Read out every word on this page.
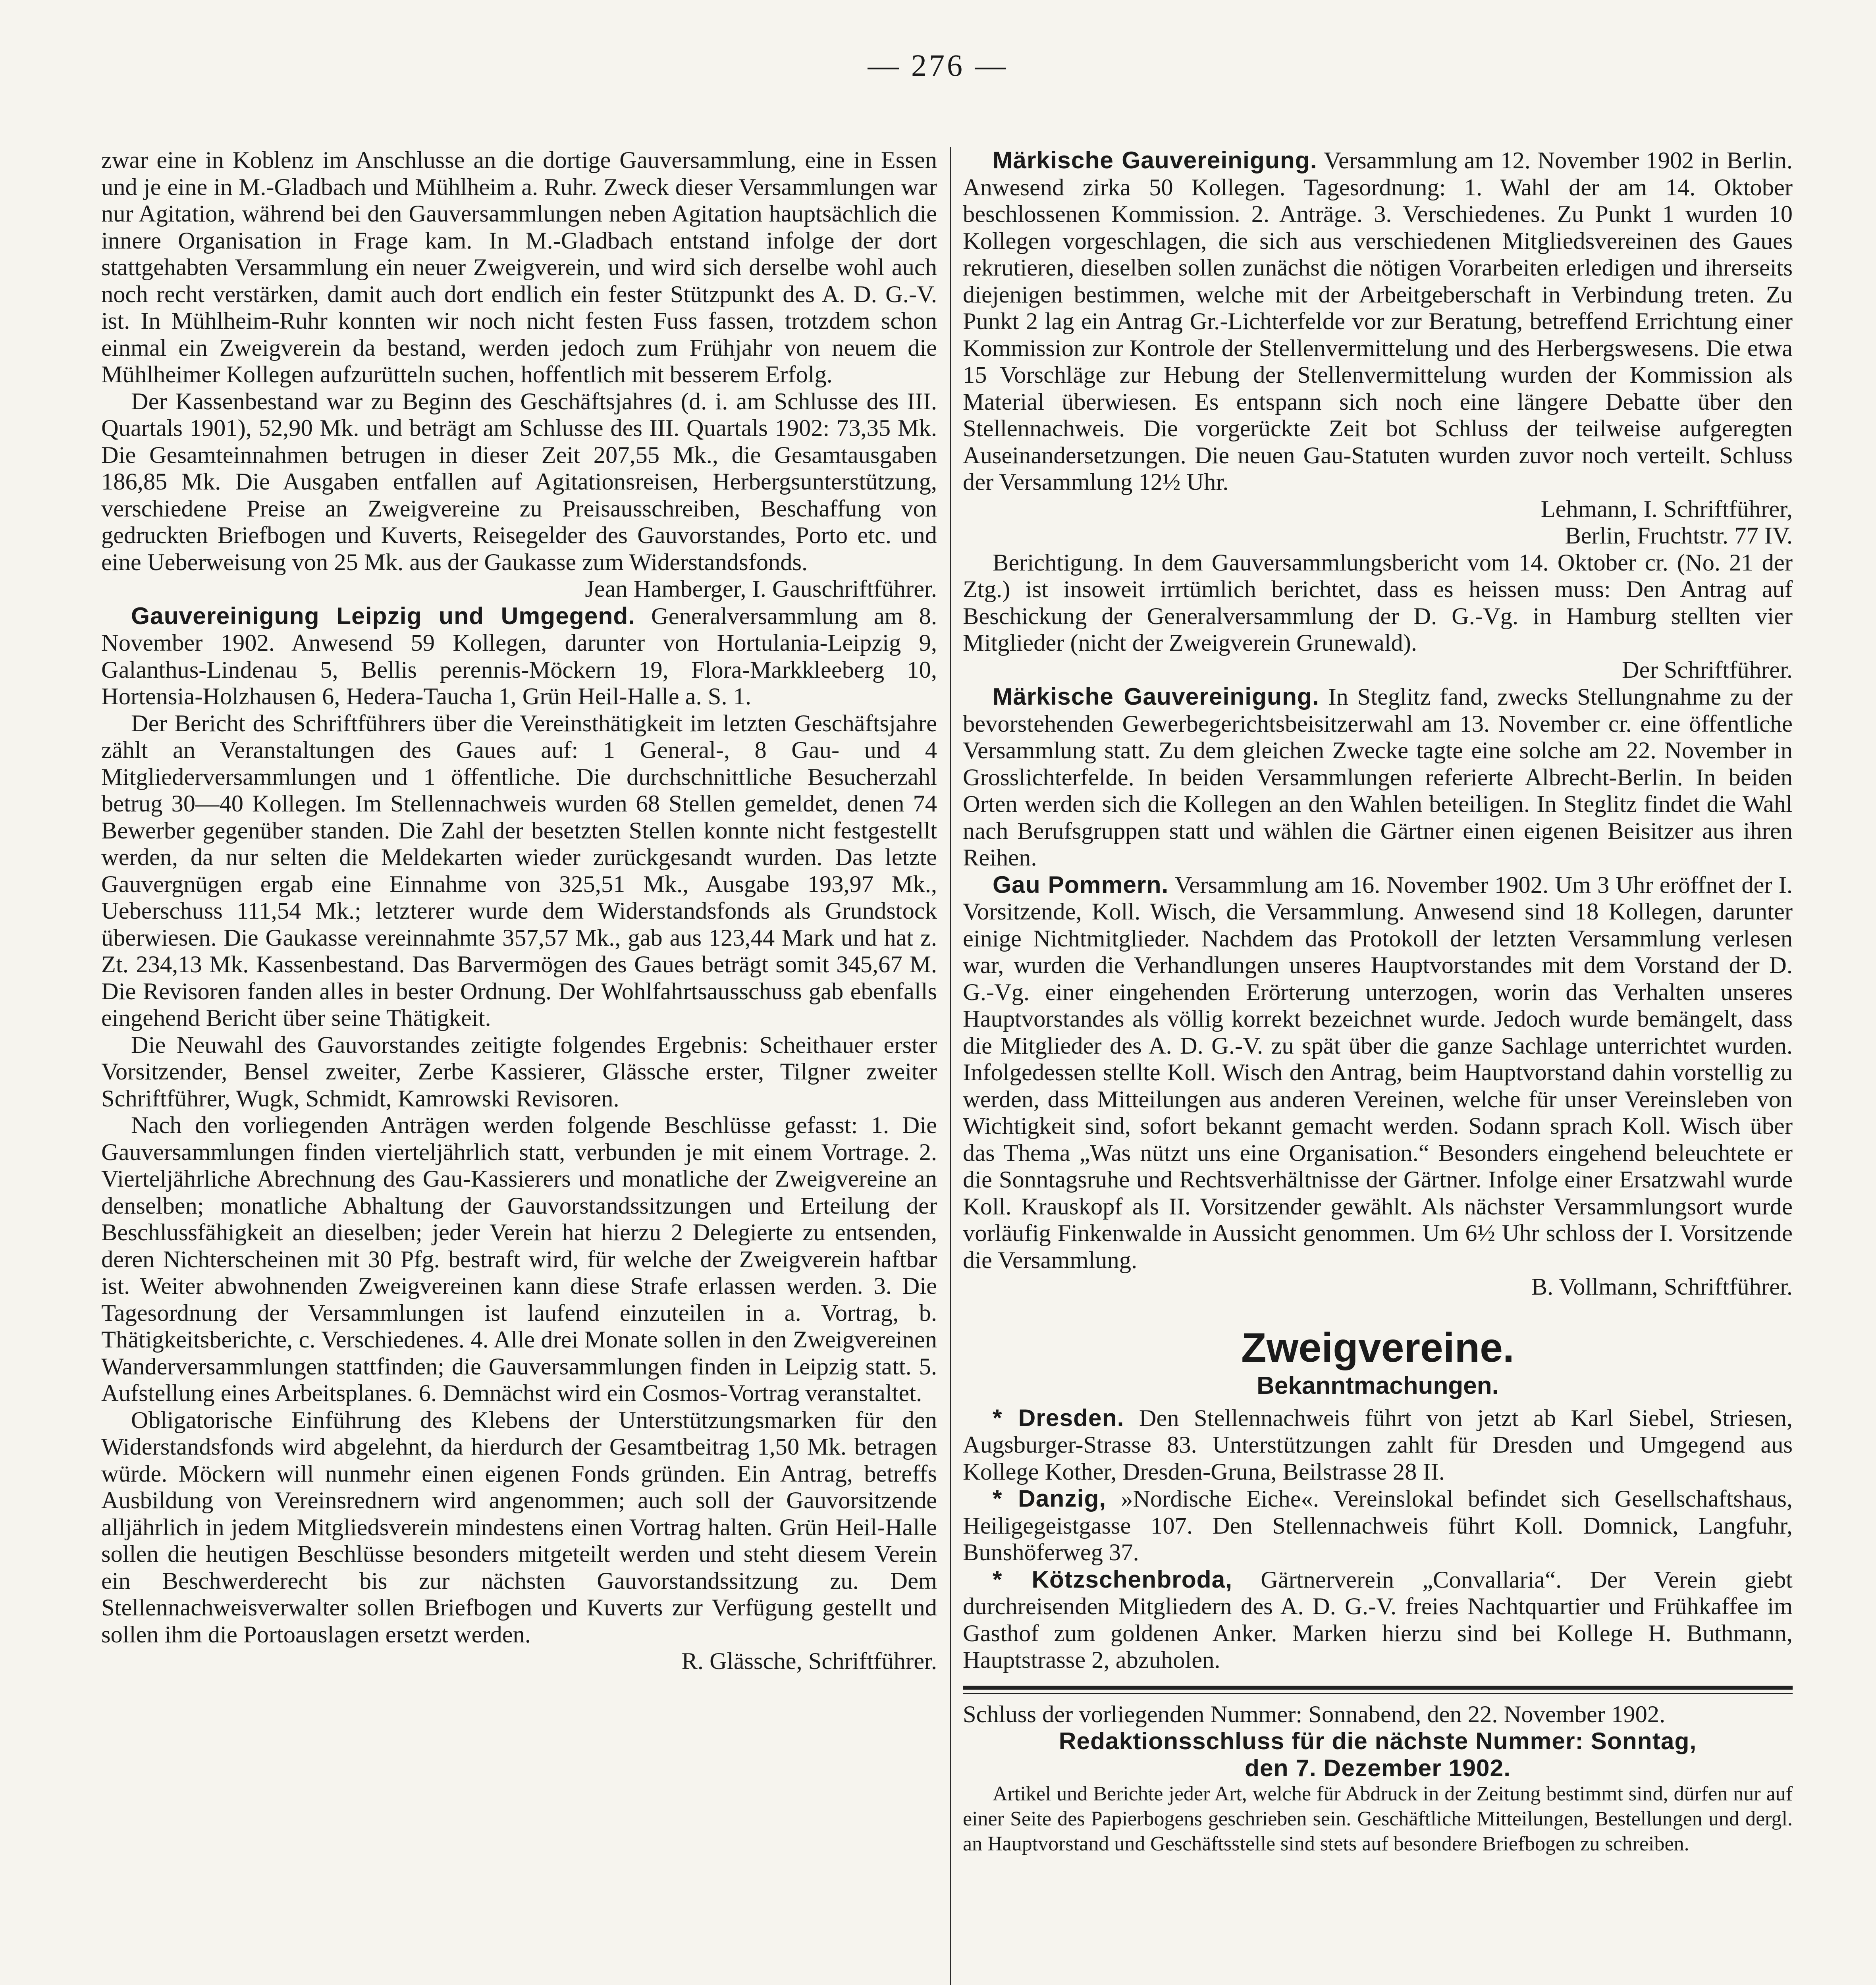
— 276 —

zwar eine in Koblenz im Anschlusse an die dortige Gauversammlung, eine in Essen und je eine in M.-Gladbach und Mühlheim a. Ruhr. Zweck dieser Versammlungen war nur Agitation, während bei den Gauversammlungen neben Agitation hauptsächlich die innere Organisation in Frage kam. In M.-Gladbach entstand infolge der dort stattgehabten Versammlung ein neuer Zweigverein, und wird sich derselbe wohl auch noch recht verstärken, damit auch dort endlich ein fester Stützpunkt des A. D. G.-V. ist. In Mühlheim-Ruhr konnten wir noch nicht festen Fuss fassen, trotzdem schon einmal ein Zweigverein da bestand, werden jedoch zum Frühjahr von neuem die Mühlheimer Kollegen aufzurütteln suchen, hoffentlich mit besserem Erfolg.

Der Kassenbestand war zu Beginn des Geschäftsjahres (d. i. am Schlusse des III. Quartals 1901), 52,90 Mk. und beträgt am Schlusse des III. Quartals 1902: 73,35 Mk. Die Gesamteinnahmen betrugen in dieser Zeit 207,55 Mk., die Gesamtausgaben 186,85 Mk. Die Ausgaben entfallen auf Agitationsreisen, Herbergsunterstützung, verschiedene Preise an Zweigvereine zu Preisausschreiben, Beschaffung von gedruckten Briefbogen und Kuverts, Reisegelder des Gauvorstandes, Porto etc. und eine Ueberweisung von 25 Mk. aus der Gaukasse zum Widerstandsfonds.

Jean Hamberger, I. Gauschriftführer.

Gauvereinigung Leipzig und Umgegend. Generalversammlung am 8. November 1902. Anwesend 59 Kollegen, darunter von Hortulania-Leipzig 9, Galanthus-Lindenau 5, Bellis perennis-Möckern 19, Flora-Markkleeberg 10, Hortensia-Holzhausen 6, Hedera-Taucha 1, Grün Heil-Halle a. S. 1.

Der Bericht des Schriftführers über die Vereinsthätigkeit im letzten Geschäftsjahre zählt an Veranstaltungen des Gaues auf: 1 General-, 8 Gau- und 4 Mitgliederversammlungen und 1 öffentliche. Die durchschnittliche Besucherzahl betrug 30—40 Kollegen. Im Stellennachweis wurden 68 Stellen gemeldet, denen 74 Bewerber gegenüber standen. Die Zahl der besetzten Stellen konnte nicht festgestellt werden, da nur selten die Meldekarten wieder zurückgesandt wurden. Das letzte Gauvergnügen ergab eine Einnahme von 325,51 Mk., Ausgabe 193,97 Mk., Ueberschuss 111,54 Mk.; letzterer wurde dem Widerstandsfonds als Grundstock überwiesen. Die Gaukasse vereinnahmte 357,57 Mk., gab aus 123,44 Mark und hat z. Zt. 234,13 Mk. Kassenbestand. Das Barvermögen des Gaues beträgt somit 345,67 M. Die Revisoren fanden alles in bester Ordnung. Der Wohlfahrtsausschuss gab ebenfalls eingehend Bericht über seine Thätigkeit.

Die Neuwahl des Gauvorstandes zeitigte folgendes Ergebnis: Scheithauer erster Vorsitzender, Bensel zweiter, Zerbe Kassierer, Glässche erster, Tilgner zweiter Schriftführer, Wugk, Schmidt, Kamrowski Revisoren.

Nach den vorliegenden Anträgen werden folgende Beschlüsse gefasst: 1. Die Gauversammlungen finden vierteljährlich statt, verbunden je mit einem Vortrage. 2. Vierteljährliche Abrechnung des Gau-Kassierers und monatliche der Zweigvereine an denselben; monatliche Abhaltung der Gauvorstandssitzungen und Erteilung der Beschlussfähigkeit an dieselben; jeder Verein hat hierzu 2 Delegierte zu entsenden, deren Nichterscheinen mit 30 Pfg. bestraft wird, für welche der Zweigverein haftbar ist. Weiter abwohnenden Zweigvereinen kann diese Strafe erlassen werden. 3. Die Tagesordnung der Versammlungen ist laufend einzuteilen in a. Vortrag, b. Thätigkeitsberichte, c. Verschiedenes. 4. Alle drei Monate sollen in den Zweigvereinen Wanderversammlungen stattfinden; die Gauversammlungen finden in Leipzig statt. 5. Aufstellung eines Arbeitsplanes. 6. Demnächst wird ein Cosmos-Vortrag veranstaltet.

Obligatorische Einführung des Klebens der Unterstützungsmarken für den Widerstandsfonds wird abgelehnt, da hierdurch der Gesamtbeitrag 1,50 Mk. betragen würde. Möckern will nunmehr einen eigenen Fonds gründen. Ein Antrag, betreffs Ausbildung von Vereinsrednern wird angenommen; auch soll der Gauvorsitzende alljährlich in jedem Mitgliedsverein mindestens einen Vortrag halten. Grün Heil-Halle sollen die heutigen Beschlüsse besonders mitgeteilt werden und steht diesem Verein ein Beschwerderecht bis zur nächsten Gauvorstandssitzung zu. Dem Stellennachweisverwalter sollen Briefbogen und Kuverts zur Verfügung gestellt und sollen ihm die Portoauslagen ersetzt werden.

R. Glässche, Schriftführer.

Märkische Gauvereinigung. Versammlung am 12. November 1902 in Berlin. Anwesend zirka 50 Kollegen. Tagesordnung: 1. Wahl der am 14. Oktober beschlossenen Kommission. 2. Anträge. 3. Verschiedenes. Zu Punkt 1 wurden 10 Kollegen vorgeschlagen, die sich aus verschiedenen Mitgliedsvereinen des Gaues rekrutieren, dieselben sollen zunächst die nötigen Vorarbeiten erledigen und ihrerseits diejenigen bestimmen, welche mit der Arbeitgeberschaft in Verbindung treten. Zu Punkt 2 lag ein Antrag Gr.-Lichterfelde vor zur Beratung, betreffend Errichtung einer Kommission zur Kontrole der Stellenvermittelung und des Herbergswesens. Die etwa 15 Vorschläge zur Hebung der Stellenvermittelung wurden der Kommission als Material überwiesen. Es entspann sich noch eine längere Debatte über den Stellennachweis. Die vorgerückte Zeit bot Schluss der teilweise aufgeregten Auseinandersetzungen. Die neuen Gau-Statuten wurden zuvor noch verteilt. Schluss der Versammlung 12½ Uhr.

Lehmann, I. Schriftführer,

Berlin, Fruchtstr. 77 IV.

Berichtigung. In dem Gauversammlungsbericht vom 14. Oktober cr. (No. 21 der Ztg.) ist insoweit irrtümlich berichtet, dass es heissen muss: Den Antrag auf Beschickung der Generalversammlung der D. G.-Vg. in Hamburg stellten vier Mitglieder (nicht der Zweigverein Grunewald).

Der Schriftführer.

Märkische Gauvereinigung. In Steglitz fand, zwecks Stellungnahme zu der bevorstehenden Gewerbegerichtsbeisitzerwahl am 13. November cr. eine öffentliche Versammlung statt. Zu dem gleichen Zwecke tagte eine solche am 22. November in Grosslichterfelde. In beiden Versammlungen referierte Albrecht-Berlin. In beiden Orten werden sich die Kollegen an den Wahlen beteiligen. In Steglitz findet die Wahl nach Berufsgruppen statt und wählen die Gärtner einen eigenen Beisitzer aus ihren Reihen.

Gau Pommern. Versammlung am 16. November 1902. Um 3 Uhr eröffnet der I. Vorsitzende, Koll. Wisch, die Versammlung. Anwesend sind 18 Kollegen, darunter einige Nichtmitglieder. Nachdem das Protokoll der letzten Versammlung verlesen war, wurden die Verhandlungen unseres Hauptvorstandes mit dem Vorstand der D. G.-Vg. einer eingehenden Erörterung unterzogen, worin das Verhalten unseres Hauptvorstandes als völlig korrekt bezeichnet wurde. Jedoch wurde bemängelt, dass die Mitglieder des A. D. G.-V. zu spät über die ganze Sachlage unterrichtet wurden. Infolgedessen stellte Koll. Wisch den Antrag, beim Hauptvorstand dahin vorstellig zu werden, dass Mitteilungen aus anderen Vereinen, welche für unser Vereinsleben von Wichtigkeit sind, sofort bekannt gemacht werden. Sodann sprach Koll. Wisch über das Thema „Was nützt uns eine Organisation.“ Besonders eingehend beleuchtete er die Sonntagsruhe und Rechtsverhältnisse der Gärtner. Infolge einer Ersatzwahl wurde Koll. Krauskopf als II. Vorsitzender gewählt. Als nächster Versammlungsort wurde vorläufig Finkenwalde in Aussicht genommen. Um 6½ Uhr schloss der I. Vorsitzende die Versammlung.

B. Vollmann, Schriftführer.

Zweigvereine.
Bekanntmachungen.

* Dresden. Den Stellennachweis führt von jetzt ab Karl Siebel, Striesen, Augsburger-Strasse 83. Unterstützungen zahlt für Dresden und Umgegend aus Kollege Kother, Dresden-Gruna, Beilstrasse 28 II.

* Danzig, »Nordische Eiche«. Vereinslokal befindet sich Gesellschaftshaus, Heiligegeistgasse 107. Den Stellennachweis führt Koll. Domnick, Langfuhr, Bunshöferweg 37.

* Kötzschenbroda, Gärtnerverein „Convallaria“. Der Verein giebt durchreisenden Mitgliedern des A. D. G.-V. freies Nachtquartier und Frühkaffee im Gasthof zum goldenen Anker. Marken hierzu sind bei Kollege H. Buthmann, Hauptstrasse 2, abzuholen.

Schluss der vorliegenden Nummer: Sonnabend, den 22. November 1902.

Redaktionsschluss für die nächste Nummer: Sonntag,

den 7. Dezember 1902.

Artikel und Berichte jeder Art, welche für Abdruck in der Zeitung bestimmt sind, dürfen nur auf einer Seite des Papierbogens geschrieben sein. Geschäftliche Mitteilungen, Bestellungen und dergl. an Hauptvorstand und Geschäftsstelle sind stets auf besondere Briefbogen zu schreiben.
